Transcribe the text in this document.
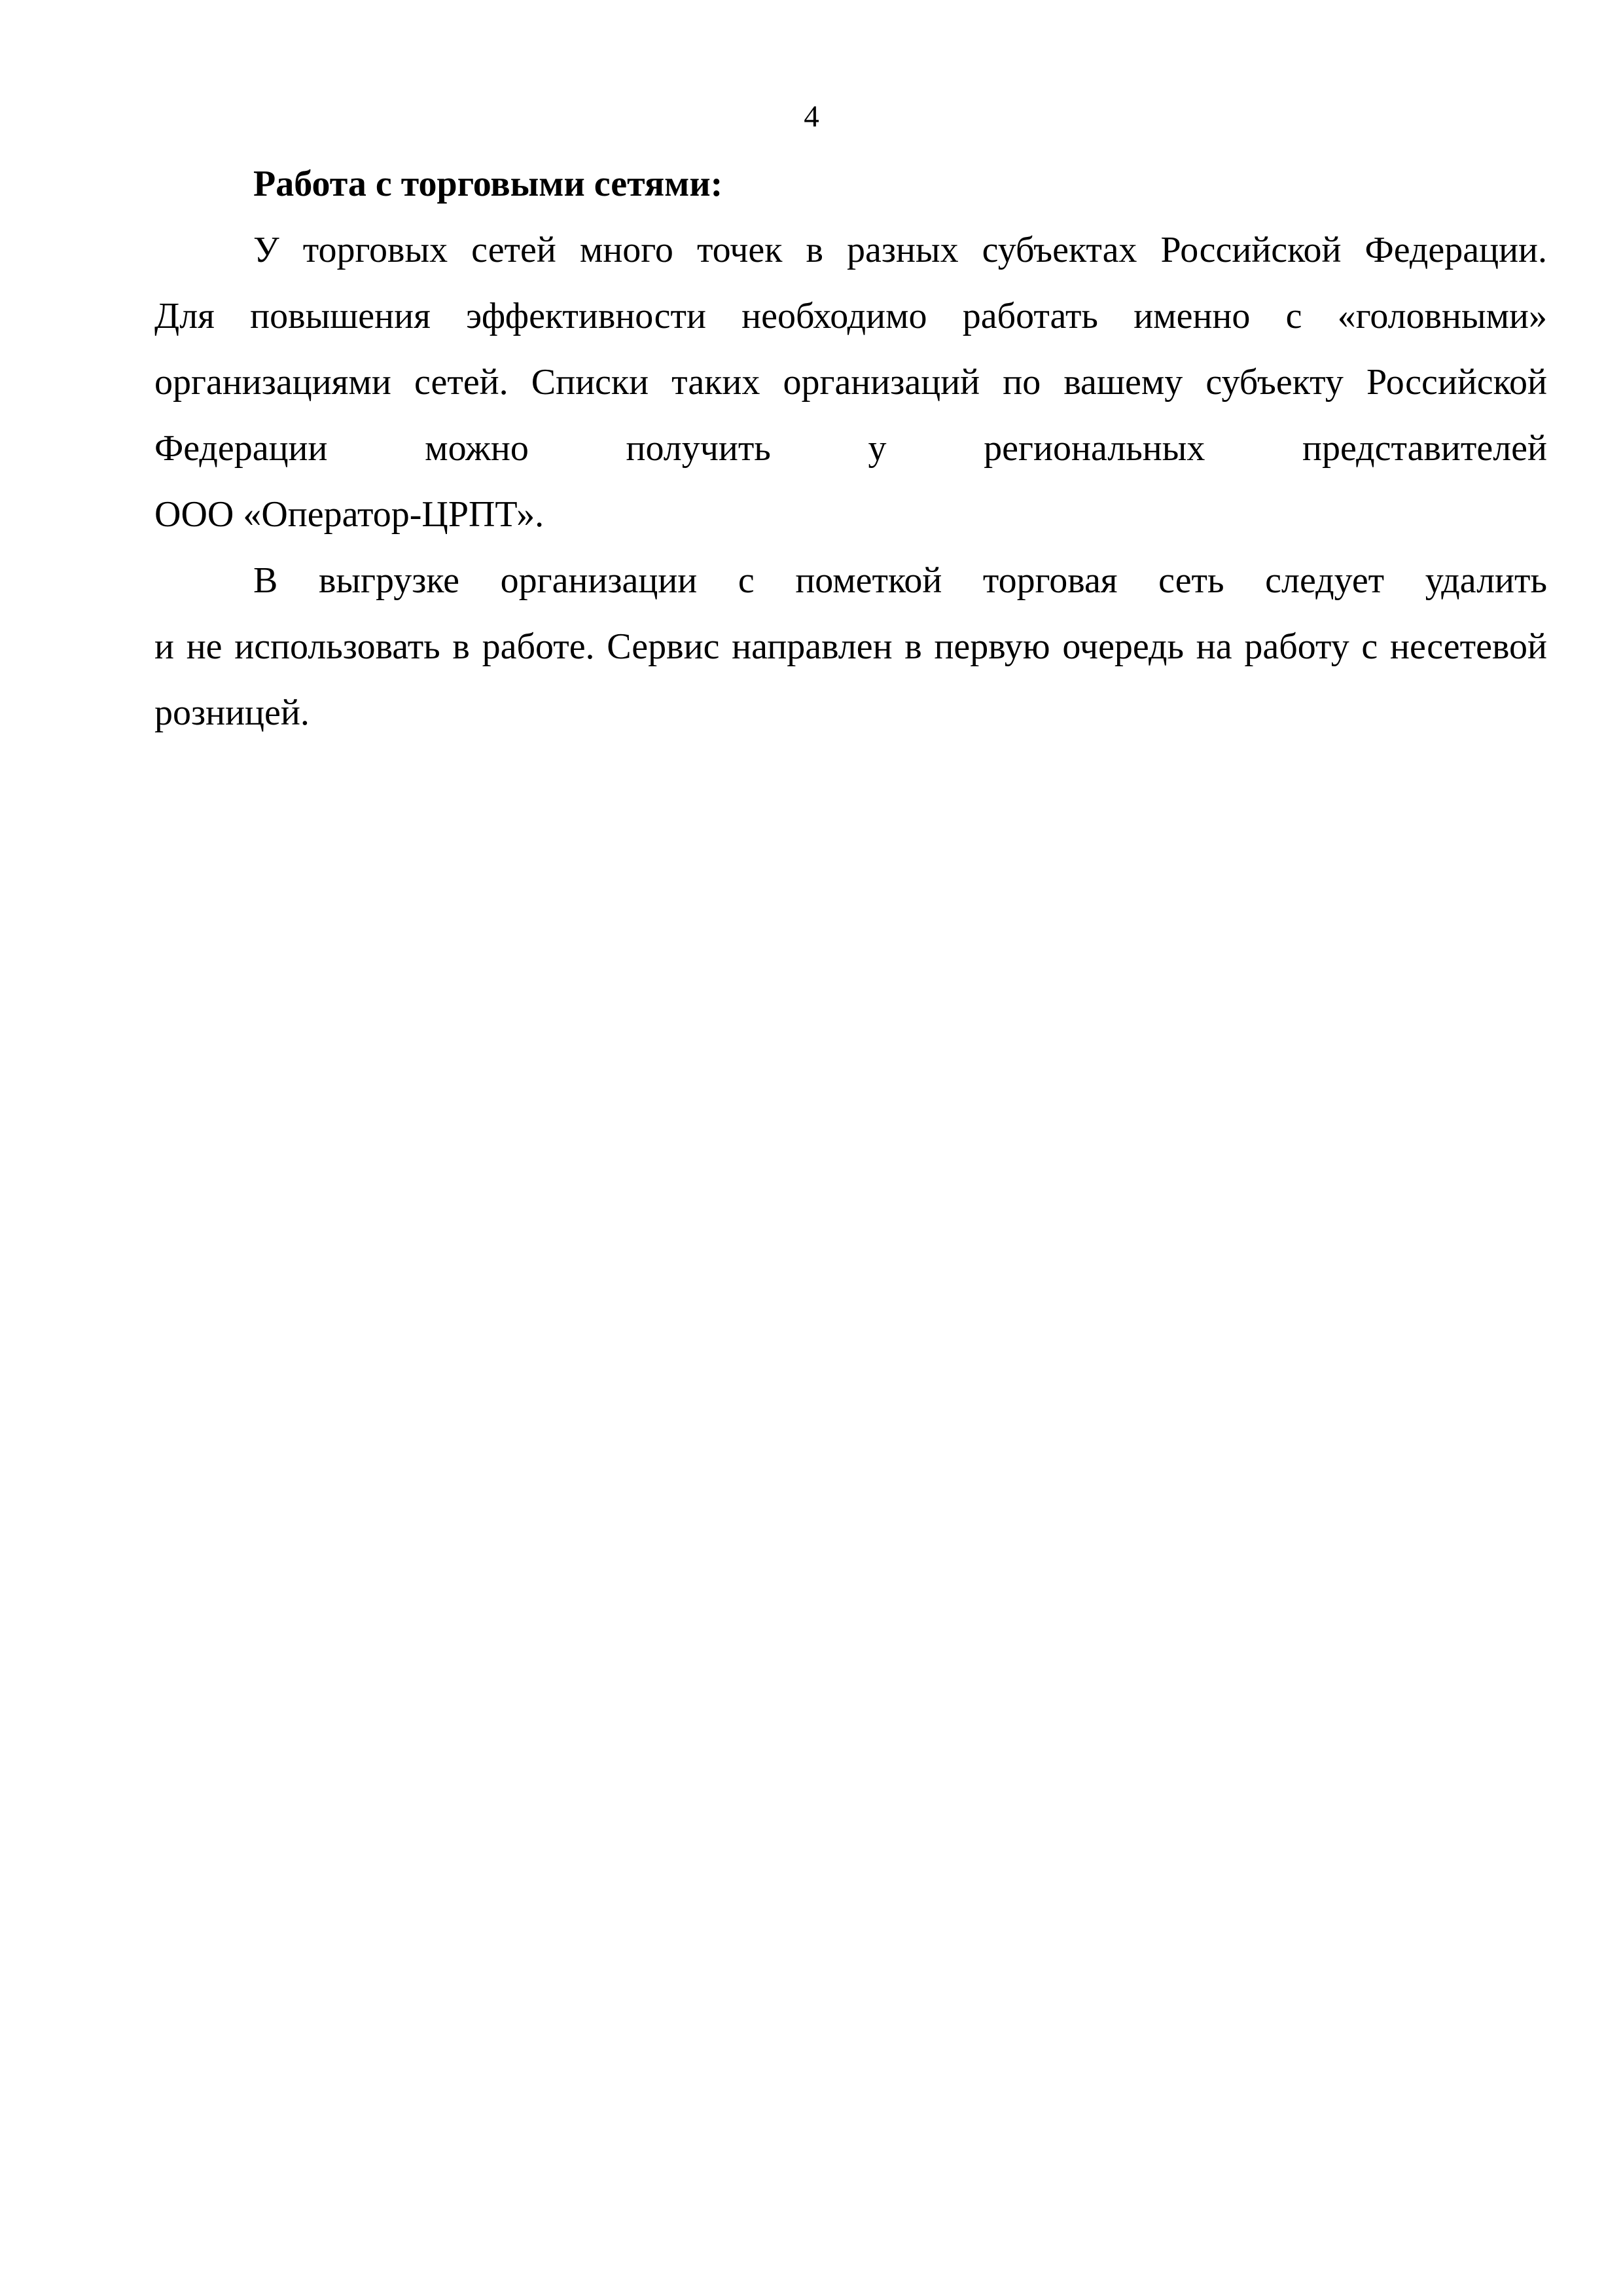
4

Работа с торговыми сетями:

У торговых сетей много точек в разных субъектах Российской Федерации.
Для повышения эффективности необходимо работать именно с «головными»
организациями сетей. Списки таких организаций по вашему субъекту Российской
Федерации можно получить у региональных представителей
ООО «Оператор-ЦРПТ».
В выгрузке организации с пометкой торговая сеть следует удалить
и не использовать в работе. Сервис направлен в первую очередь на работу с несетевой
розницей.
